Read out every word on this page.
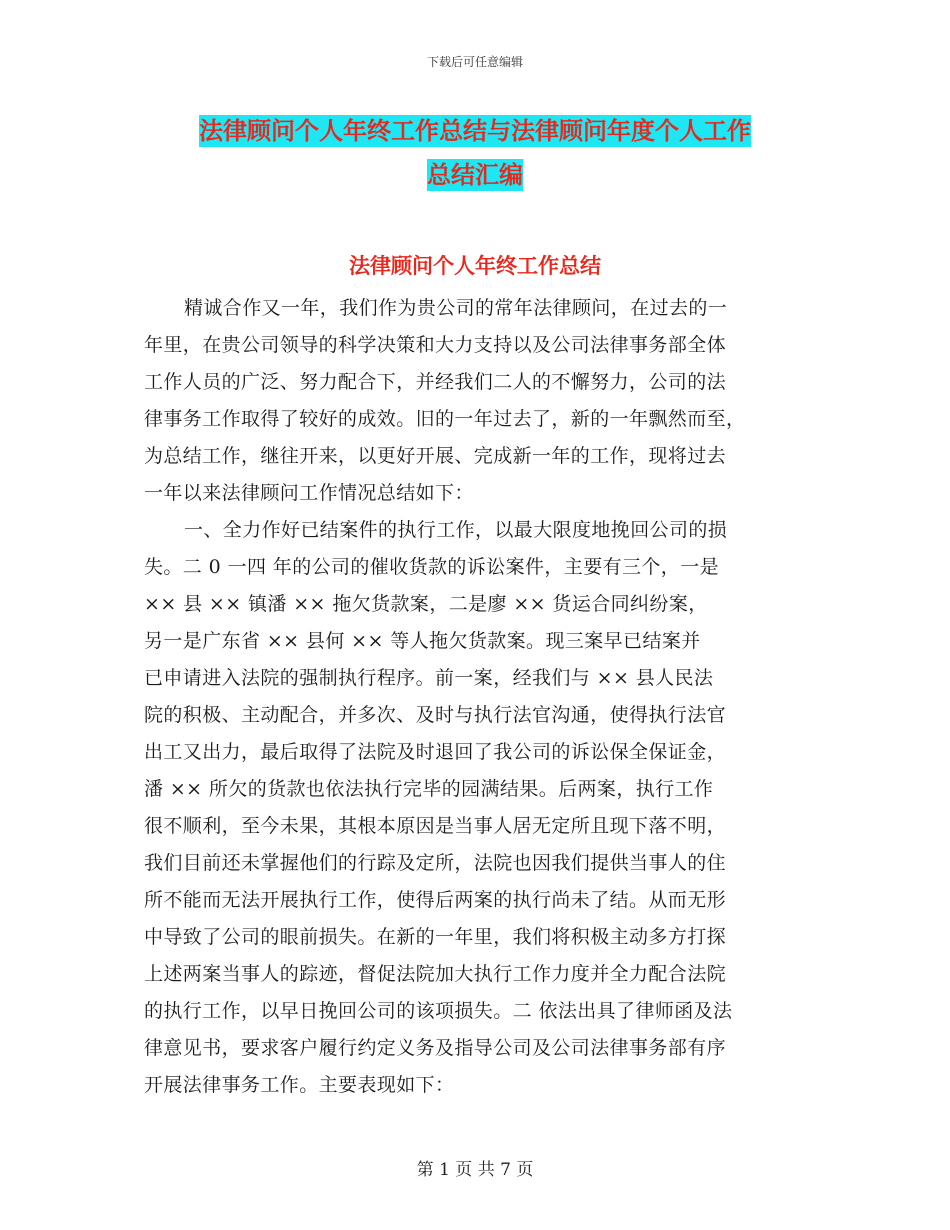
下载后可任意编辑
法律顾问个人年终工作总结与法律顾问年度个人工作
总结汇编
法律顾问个人年终工作总结
精诚合作又一年，我们作为贵公司的常年法律顾问，在过去的一
年里，在贵公司领导的科学决策和大力支持以及公司法律事务部全体
工作人员的广泛、努力配合下，并经我们二人的不懈努力，公司的法
律事务工作取得了较好的成效。旧的一年过去了，新的一年飘然而至，
为总结工作，继往开来，以更好开展、完成新一年的工作，现将过去
一年以来法律顾问工作情况总结如下：
一、全力作好已结案件的执行工作，以最大限度地挽回公司的损
失。二 0 一四 年的公司的催收货款的诉讼案件，主要有三个，一是
×× 县 ×× 镇潘 ×× 拖欠货款案，二是廖 ×× 货运合同纠纷案，
另一是广东省 ×× 县何 ×× 等人拖欠货款案。现三案早已结案并
已申请进入法院的强制执行程序。前一案，经我们与 ×× 县人民法
院的积极、主动配合，并多次、及时与执行法官沟通，使得执行法官
出工又出力，最后取得了法院及时退回了我公司的诉讼保全保证金，
潘 ×× 所欠的货款也依法执行完毕的园满结果。后两案，执行工作
很不顺利，至今未果，其根本原因是当事人居无定所且现下落不明，
我们目前还未掌握他们的行踪及定所，法院也因我们提供当事人的住
所不能而无法开展执行工作，使得后两案的执行尚未了结。从而无形
中导致了公司的眼前损失。在新的一年里，我们将积极主动多方打探
上述两案当事人的踪迹，督促法院加大执行工作力度并全力配合法院
的执行工作，以早日挽回公司的该项损失。二 依法出具了律师函及法
律意见书，要求客户履行约定义务及指导公司及公司法律事务部有序
开展法律事务工作。主要表现如下：
第 1 页 共 7 页
